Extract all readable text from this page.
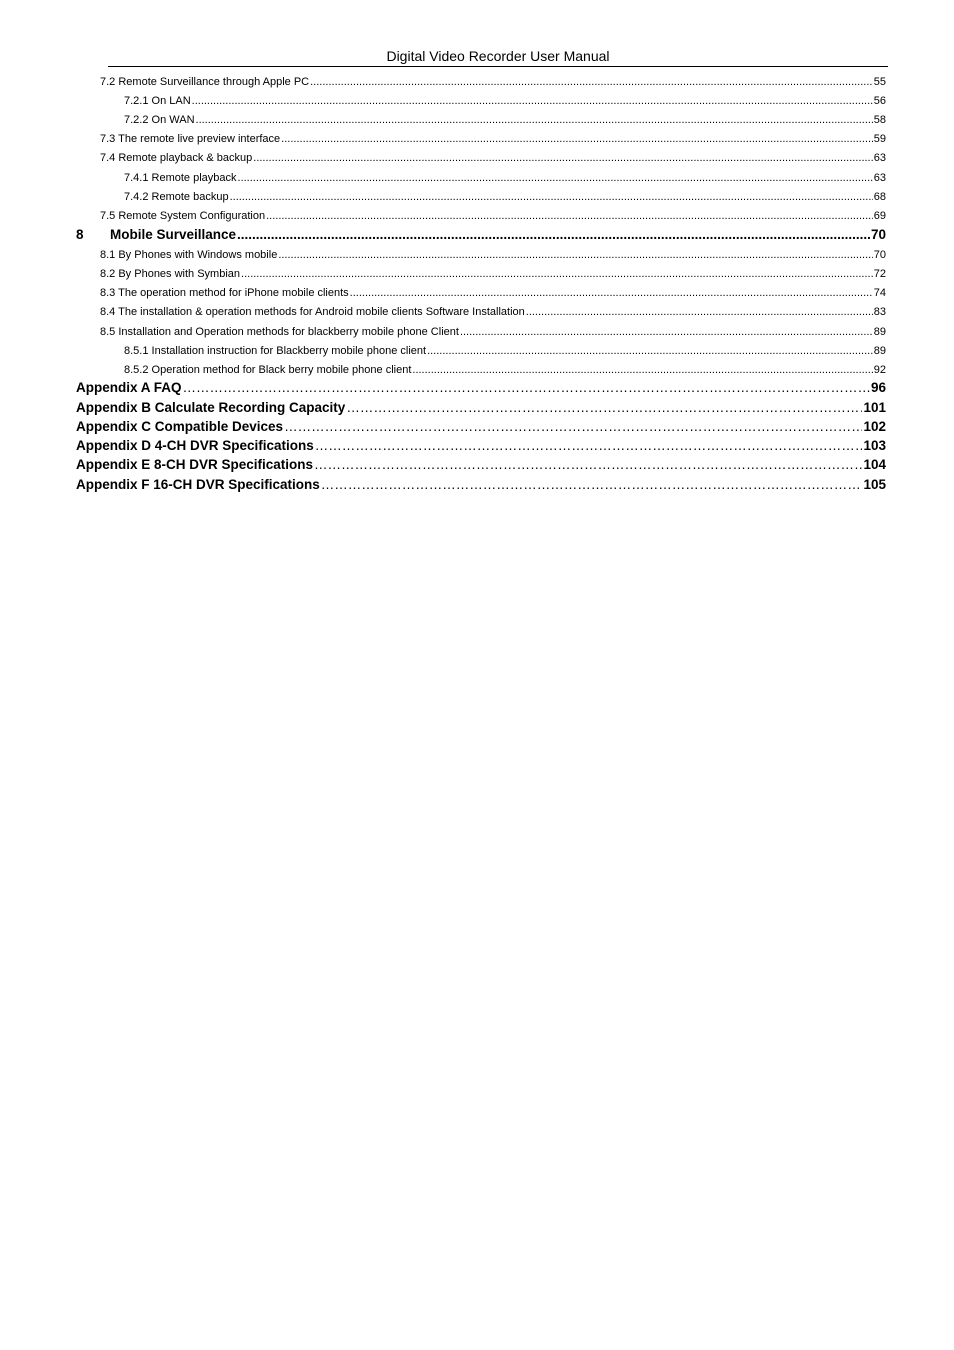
Digital Video Recorder User Manual
7.2 Remote Surveillance through Apple PC .....	55
7.2.1 On LAN .....	56
7.2.2 On WAN .....	58
7.3 The remote live preview interface .....	59
7.4 Remote playback & backup .....	63
7.4.1 Remote playback .....	63
7.4.2 Remote backup .....	68
7.5 Remote System Configuration .....	69
8 Mobile Surveillance .....	70
8.1 By Phones with Windows mobile .....	70
8.2 By Phones with Symbian .....	72
8.3 The operation method for iPhone mobile clients .....	74
8.4 The installation & operation methods for Android mobile clients Software Installation .....	83
8.5 Installation and Operation methods for blackberry mobile phone Client .....	89
8.5.1 Installation instruction for Blackberry mobile phone client .....	89
8.5.2 Operation method for Black berry mobile phone client .....	92
Appendix A FAQ ………………………………………………………………………………………………………………………………………………………………………………………………………………………………………………………………………………………	96
Appendix B Calculate Recording Capacity ………………………………………………………………………………………………………………………………………………………………………………………………………………………………………………………………………………………	101
Appendix C Compatible Devices ………………………………………………………………………………………………………………………………………………………………………………………………………………………………………………………………………………………	102
Appendix D 4-CH DVR Specifications ………………………………………………………………………………………………………………………………………………………………………………………………………………………………………………………………………………………	103
Appendix E 8-CH DVR Specifications ………………………………………………………………………………………………………………………………………………………………………………………………………………………………………………………………………………………	104
Appendix F 16-CH DVR Specifications ………………………………………………………………………………………………………………………………………………………………………………………………………………………………………………………………………………………	105
